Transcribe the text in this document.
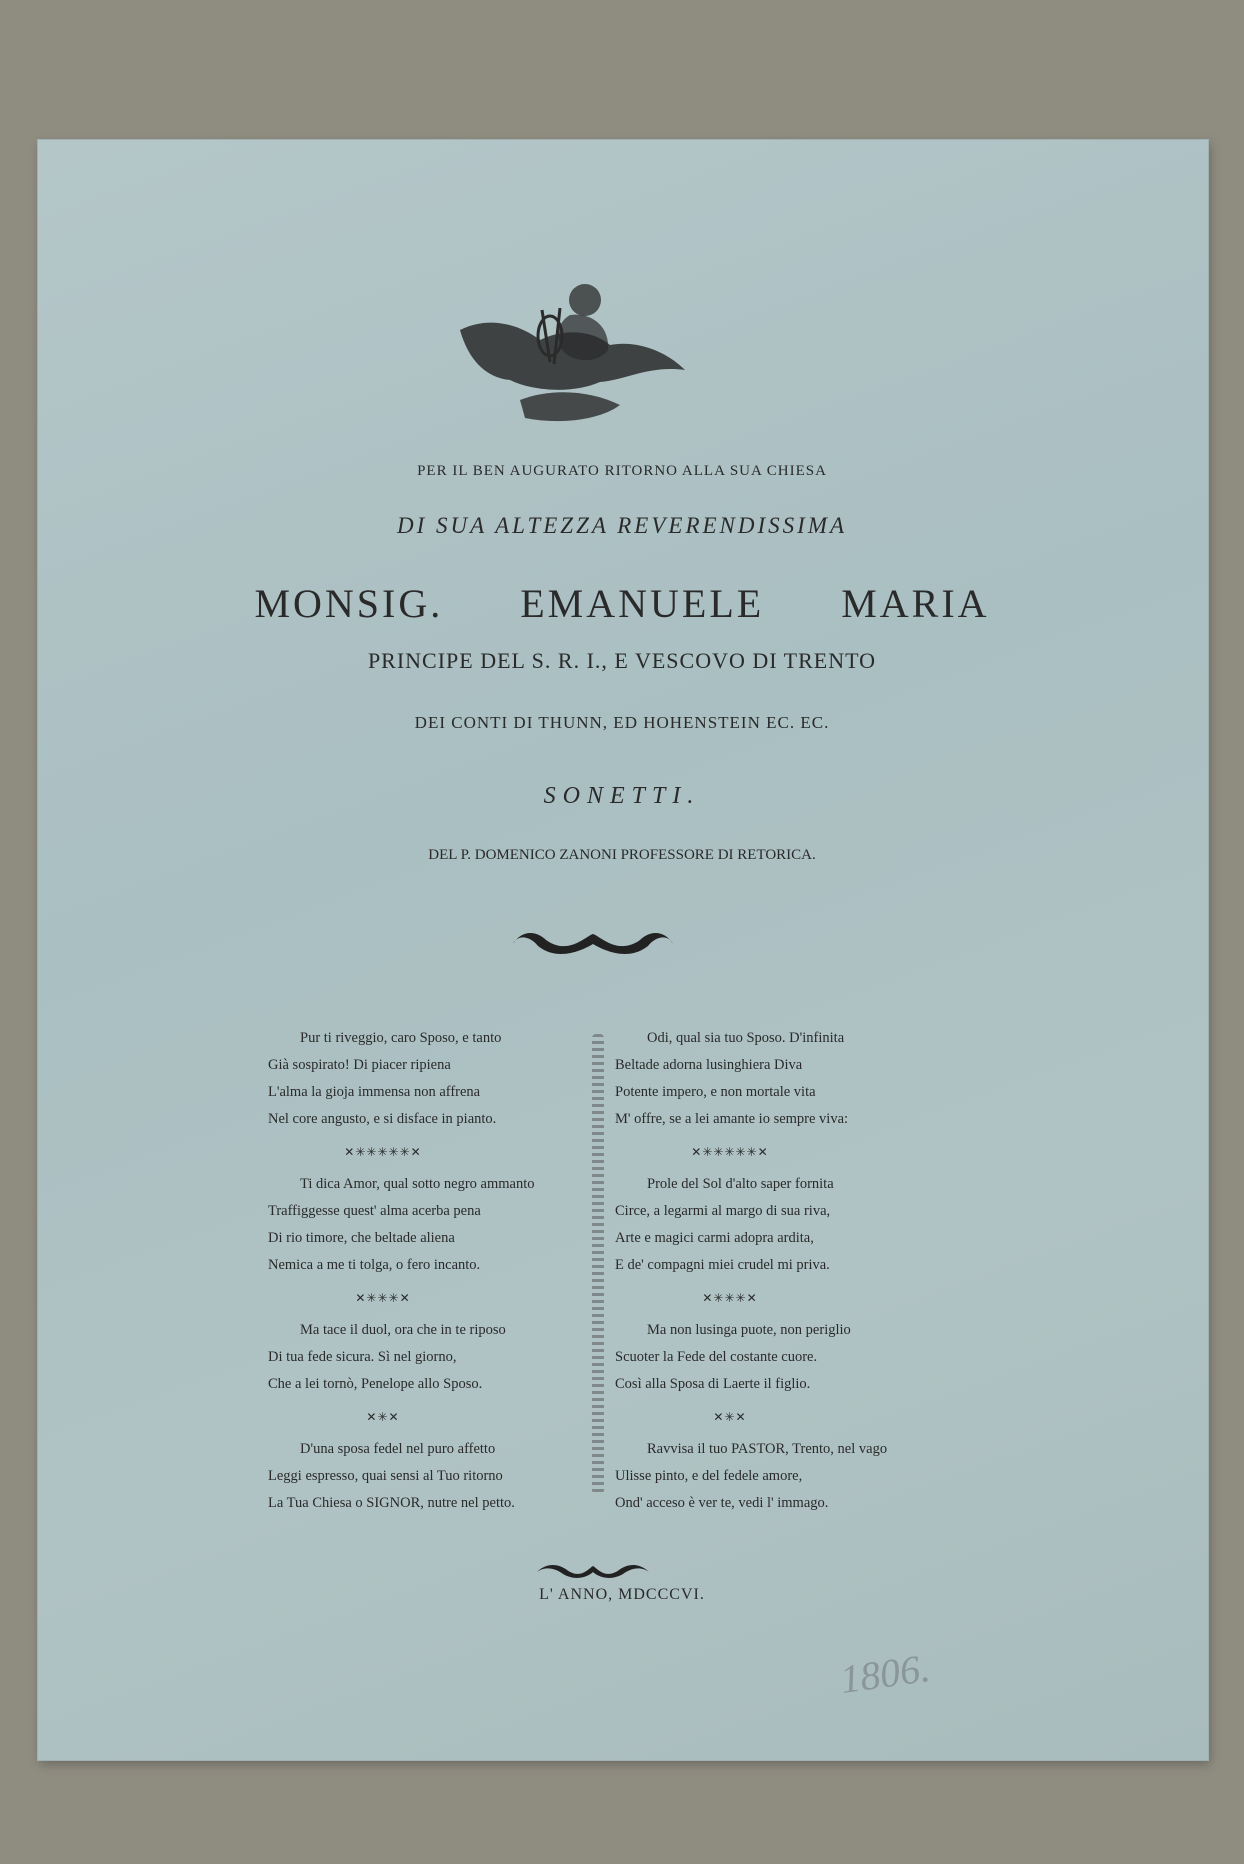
PER IL BEN AUGURATO RITORNO ALLA SUA CHIESA
DI SUA ALTEZZA REVERENDISSIMA
MONSIG. EMANUELE MARIA
PRINCIPE DEL S. R. I., E VESCOVO DI TRENTO
DEI CONTI DI THUNN, ED HOHENSTEIN EC. EC.
SONETTI.
DEL P. DOMENICO ZANONI PROFESSORE DI RETORICA.
Pur ti riveggio, caro Sposo, e tanto
Già sospirato! Di piacer ripiena
L'alma la gioja immensa non affrena
Nel core angusto, e si disface in pianto.
✕✳✳✳✳✳✕
Ti dica Amor, qual sotto negro ammanto
Traffiggesse quest' alma acerba pena
Di rio timore, che beltade aliena
Nemica a me ti tolga, o fero incanto.
✕✳✳✳✕
Ma tace il duol, ora che in te riposo
Di tua fede sicura. Sì nel giorno,
Che a lei tornò, Penelope allo Sposo.
✕✳✕
D'una sposa fedel nel puro affetto
Leggi espresso, quai sensi al Tuo ritorno
La Tua Chiesa o SIGNOR, nutre nel petto.
Odi, qual sia tuo Sposo. D'infinita
Beltade adorna lusinghiera Diva
Potente impero, e non mortale vita
M' offre, se a lei amante io sempre viva:
✕✳✳✳✳✳✕
Prole del Sol d'alto saper fornita
Circe, a legarmi al margo di sua riva,
Arte e magici carmi adopra ardita,
E de' compagni miei crudel mi priva.
✕✳✳✳✕
Ma non lusinga puote, non periglio
Scuoter la Fede del costante cuore.
Così alla Sposa di Laerte il figlio.
✕✳✕
Ravvisa il tuo PASTOR, Trento, nel vago
Ulisse pinto, e del fedele amore,
Ond' acceso è ver te, vedi l' immago.
L' ANNO, MDCCCVI.
1806.
